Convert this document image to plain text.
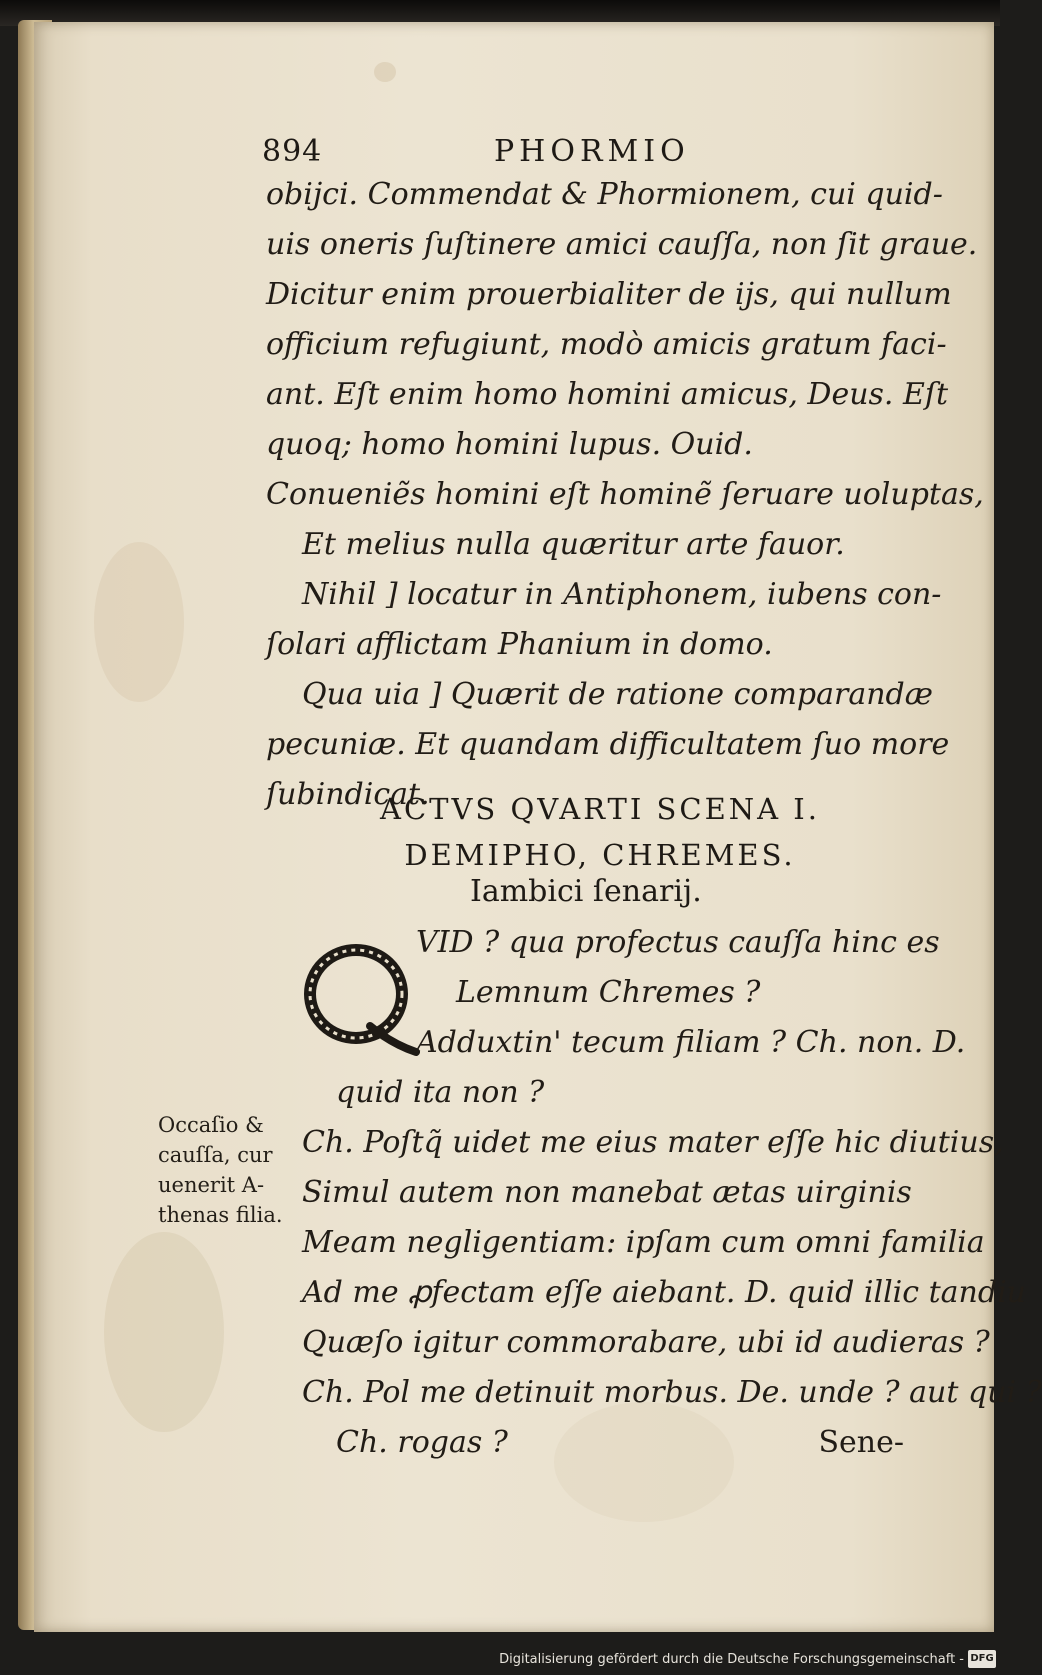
894	PHORMIO
obijci. Commendat & Phormionem, cui quid-
uis oneris ſuſtinere amici cauſſa, non ſit graue.
Dicitur enim prouerbialiter de ijs, qui nullum
officium refugiunt, modò amicis gratum faci-
ant. Eſt enim homo homini amicus, Deus. Eſt
quoq; homo homini lupus. Ouid.
Conueniẽs homini eſt hominẽ ſeruare uoluptas,
Et melius nulla quæritur arte fauor.
Nihil ] locatur in Antiphonem, iubens con-
ſolari afflictam Phanium in domo.
Qua uia ] Quærit de ratione comparandæ
pecuniæ. Et quandam difficultatem ſuo more
ſubindicat.
ACTVS QVARTI SCENA I.
DEMIPHO, CHREMES.
Iambici ſenarij.
Q	VID ? qua profectus cauſſa hinc es
Lemnum Chremes ?
Adduxtin' tecum filiam ? Ch. non. D.
quid ita non ?
Ch. Poſtq̃ uidet me eius mater eſſe hic diutius,
Simul autem non manebat ætas uirginis
Meam negligentiam: ipſam cum omni familia
Ad me ꝓfectam eſſe aiebant. D. quid illic tandiu
Quæſo igitur commorabare, ubi id audieras ?
Ch. Pol me detinuit morbus. De. unde ? aut qui ?
Ch. rogas ?	Sene-
Occaſio &
cauſſa, cur
uenerit A-
thenas filia.
Digitalisierung gefördert durch die Deutsche Forschungsgemeinschaft - DFG
